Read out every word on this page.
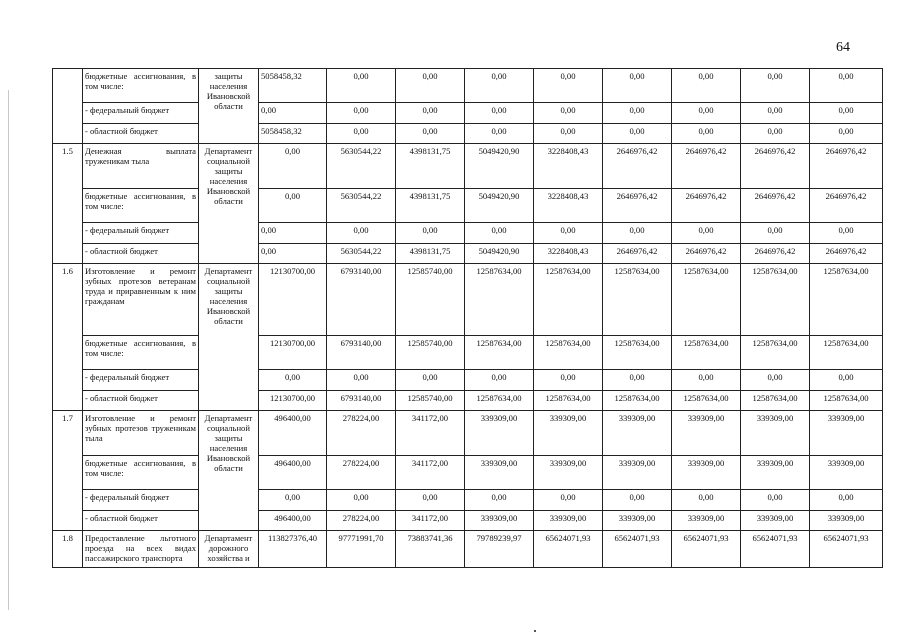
64
	бюджетные ассигнования, в том числе:	защиты населения Ивановской области	5058458,32	0,00	0,00	0,00	0,00	0,00	0,00	0,00	0,00
	- федеральный бюджет		0,00	0,00	0,00	0,00	0,00	0,00	0,00	0,00	0,00
	- областной бюджет		5058458,32	0,00	0,00	0,00	0,00	0,00	0,00	0,00	0,00
1.5	Денежная выплата труженикам тыла	Департамент социальной защиты населения Ивановской области	0,00	5630544,22	4398131,75	5049420,90	3228408,43	2646976,42	2646976,42	2646976,42	2646976,42
	бюджетные ассигнования, в том числе:		0,00	5630544,22	4398131,75	5049420,90	3228408,43	2646976,42	2646976,42	2646976,42	2646976,42
	- федеральный бюджет		0,00	0,00	0,00	0,00	0,00	0,00	0,00	0,00	0,00
	- областной бюджет		0,00	5630544,22	4398131,75	5049420,90	3228408,43	2646976,42	2646976,42	2646976,42	2646976,42
1.6	Изготовление и ремонт зубных протезов ветеранам труда и приравненным к ним гражданам	Департамент социальной защиты населения Ивановской области	12130700,00	6793140,00	12585740,00	12587634,00	12587634,00	12587634,00	12587634,00	12587634,00	12587634,00
	бюджетные ассигнования, в том числе:		12130700,00	6793140,00	12585740,00	12587634,00	12587634,00	12587634,00	12587634,00	12587634,00	12587634,00
	- федеральный бюджет		0,00	0,00	0,00	0,00	0,00	0,00	0,00	0,00	0,00
	- областной бюджет		12130700,00	6793140,00	12585740,00	12587634,00	12587634,00	12587634,00	12587634,00	12587634,00	12587634,00
1.7	Изготовление и ремонт зубных протезов труженикам тыла	Департамент социальной защиты населения Ивановской области	496400,00	278224,00	341172,00	339309,00	339309,00	339309,00	339309,00	339309,00	339309,00
	бюджетные ассигнования, в том числе:		496400,00	278224,00	341172,00	339309,00	339309,00	339309,00	339309,00	339309,00	339309,00
	- федеральный бюджет		0,00	0,00	0,00	0,00	0,00	0,00	0,00	0,00	0,00
	- областной бюджет		496400,00	278224,00	341172,00	339309,00	339309,00	339309,00	339309,00	339309,00	339309,00
1.8	Предоставление льготного проезда на всех видах пассажирского транспорта	Департамент дорожного хозяйства и	113827376,40	97771991,70	73883741,36	79789239,97	65624071,93	65624071,93	65624071,93	65624071,93	65624071,93
